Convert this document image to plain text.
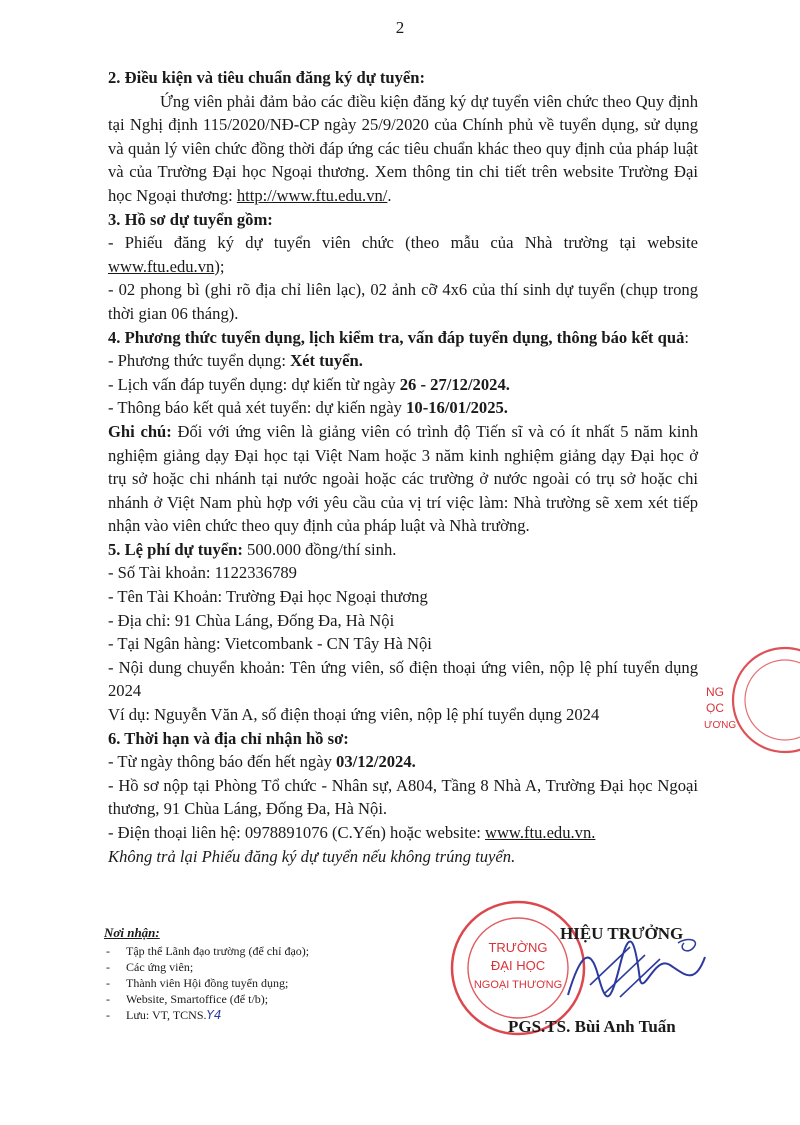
2

2. Điều kiện và tiêu chuẩn đăng ký dự tuyển:

Ứng viên phải đảm bảo các điều kiện đăng ký dự tuyển viên chức theo Quy định tại Nghị định 115/2020/NĐ-CP ngày 25/9/2020 của Chính phủ về tuyển dụng, sử dụng và quản lý viên chức đồng thời đáp ứng các tiêu chuẩn khác theo quy định của pháp luật và của Trường Đại học Ngoại thương. Xem thông tin chi tiết trên website Trường Đại học Ngoại thương: http://www.ftu.edu.vn/.

3. Hồ sơ dự tuyển gồm:

- Phiếu đăng ký dự tuyển viên chức (theo mẫu của Nhà trường tại website www.ftu.edu.vn);

- 02 phong bì (ghi rõ địa chỉ liên lạc), 02 ảnh cỡ 4x6 của thí sinh dự tuyển (chụp trong thời gian 06 tháng).

4. Phương thức tuyển dụng, lịch kiểm tra, vấn đáp tuyển dụng, thông báo kết quả:

- Phương thức tuyển dụng: Xét tuyển.

- Lịch vấn đáp tuyển dụng: dự kiến từ ngày 26 - 27/12/2024.

- Thông báo kết quả xét tuyển: dự kiến ngày 10-16/01/2025.

Ghi chú: Đối với ứng viên là giảng viên có trình độ Tiến sĩ và có ít nhất 5 năm kinh nghiệm giảng dạy Đại học tại Việt Nam hoặc 3 năm kinh nghiệm giảng dạy Đại học ở trụ sở hoặc chi nhánh tại nước ngoài hoặc các trường ở nước ngoài có trụ sở hoặc chi nhánh ở Việt Nam phù hợp với yêu cầu của vị trí việc làm: Nhà trường sẽ xem xét tiếp nhận vào viên chức theo quy định của pháp luật và Nhà trường.

5. Lệ phí dự tuyển: 500.000 đồng/thí sinh.

- Số Tài khoản: 1122336789

- Tên Tài Khoản: Trường Đại học Ngoại thương

- Địa chỉ: 91 Chùa Láng, Đống Đa, Hà Nội

- Tại Ngân hàng: Vietcombank - CN Tây Hà Nội

- Nội dung chuyển khoản: Tên ứng viên, số điện thoại ứng viên, nộp lệ phí tuyển dụng 2024

Ví dụ: Nguyễn Văn A, số điện thoại ứng viên, nộp lệ phí tuyển dụng 2024

6. Thời hạn và địa chỉ nhận hồ sơ:

- Từ ngày thông báo đến hết ngày 03/12/2024.

- Hồ sơ nộp tại Phòng Tổ chức - Nhân sự, A804, Tầng 8 Nhà A, Trường Đại học Ngoại thương, 91 Chùa Láng, Đống Đa, Hà Nội.

- Điện thoại liên hệ: 0978891076 (C.Yến) hoặc website: www.ftu.edu.vn.

Không trả lại Phiếu đăng ký dự tuyển nếu không trúng tuyển.

Nơi nhận:
- Tập thể Lãnh đạo trường (để chỉ đạo);
- Các ứng viên;
- Thành viên Hội đồng tuyển dụng;
- Website, Smartoffice (để t/b);
- Lưu: VT, TCNS.Y4
NG
ỌC
ƯƠNG
TRƯỜNG
ĐẠI HỌC
NGOẠI THƯƠNG
HIỆU TRƯỞNG
PGS.TS. Bùi Anh Tuấn
